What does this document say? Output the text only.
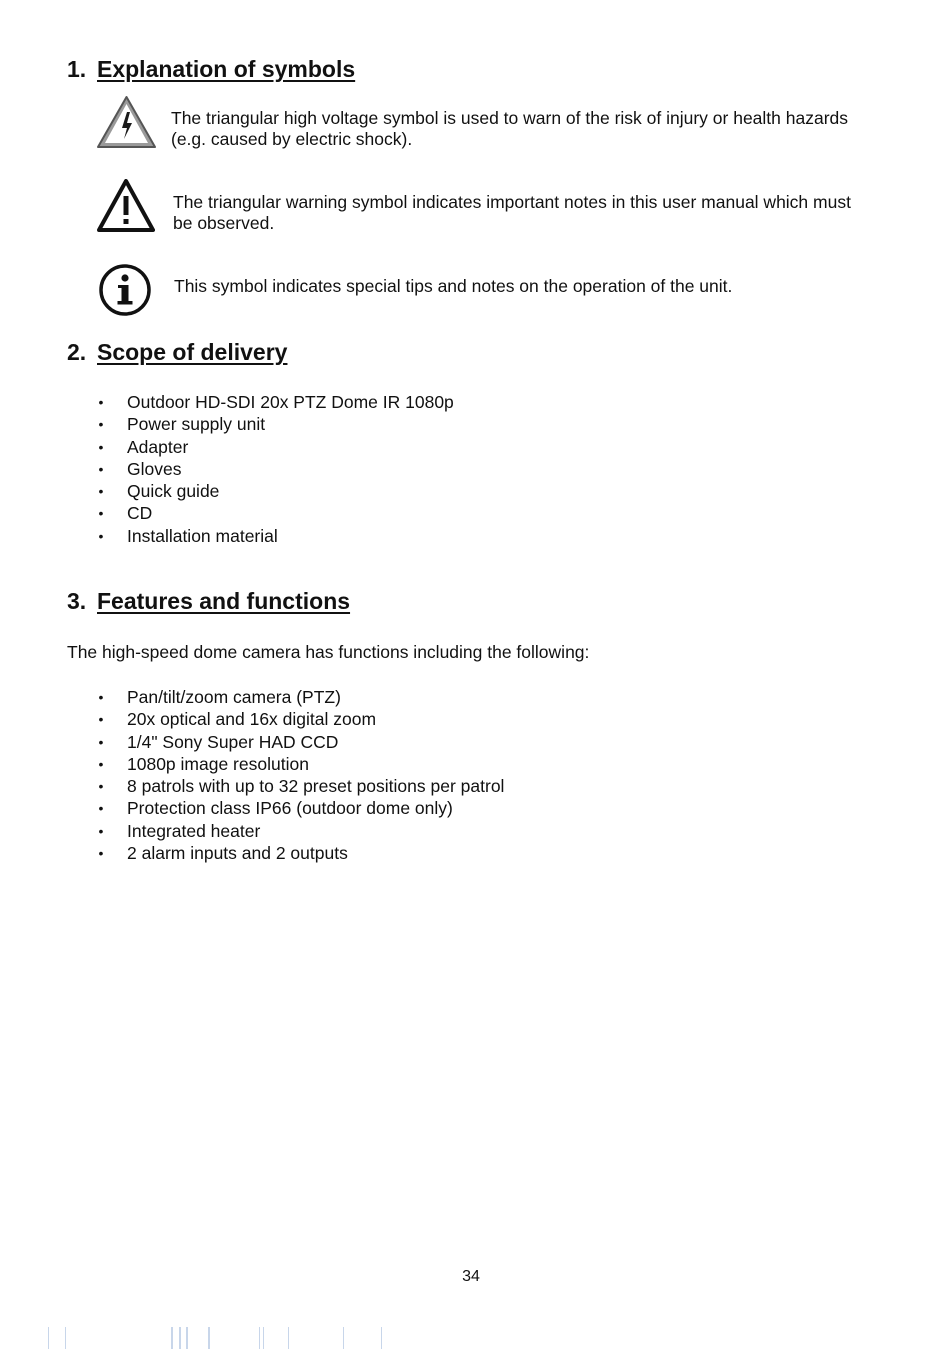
1. Explanation of symbols
The triangular high voltage symbol is used to warn of the risk of injury or health hazards (e.g. caused by electric shock).
The triangular warning symbol indicates important notes in this user manual which must be observed.
This symbol indicates special tips and notes on the operation of the unit.
2. Scope of delivery
• Outdoor HD-SDI 20x PTZ Dome IR 1080p
• Power supply unit
• Adapter
• Gloves
• Quick guide
• CD
• Installation material
3. Features and functions
The high-speed dome camera has functions including the following:
• Pan/tilt/zoom camera (PTZ)
• 20x optical and 16x digital zoom
• 1/4" Sony Super HAD CCD
• 1080p image resolution
• 8 patrols with up to 32 preset positions per patrol
• Protection class IP66 (outdoor dome only)
• Integrated heater
• 2 alarm inputs and 2 outputs
34
